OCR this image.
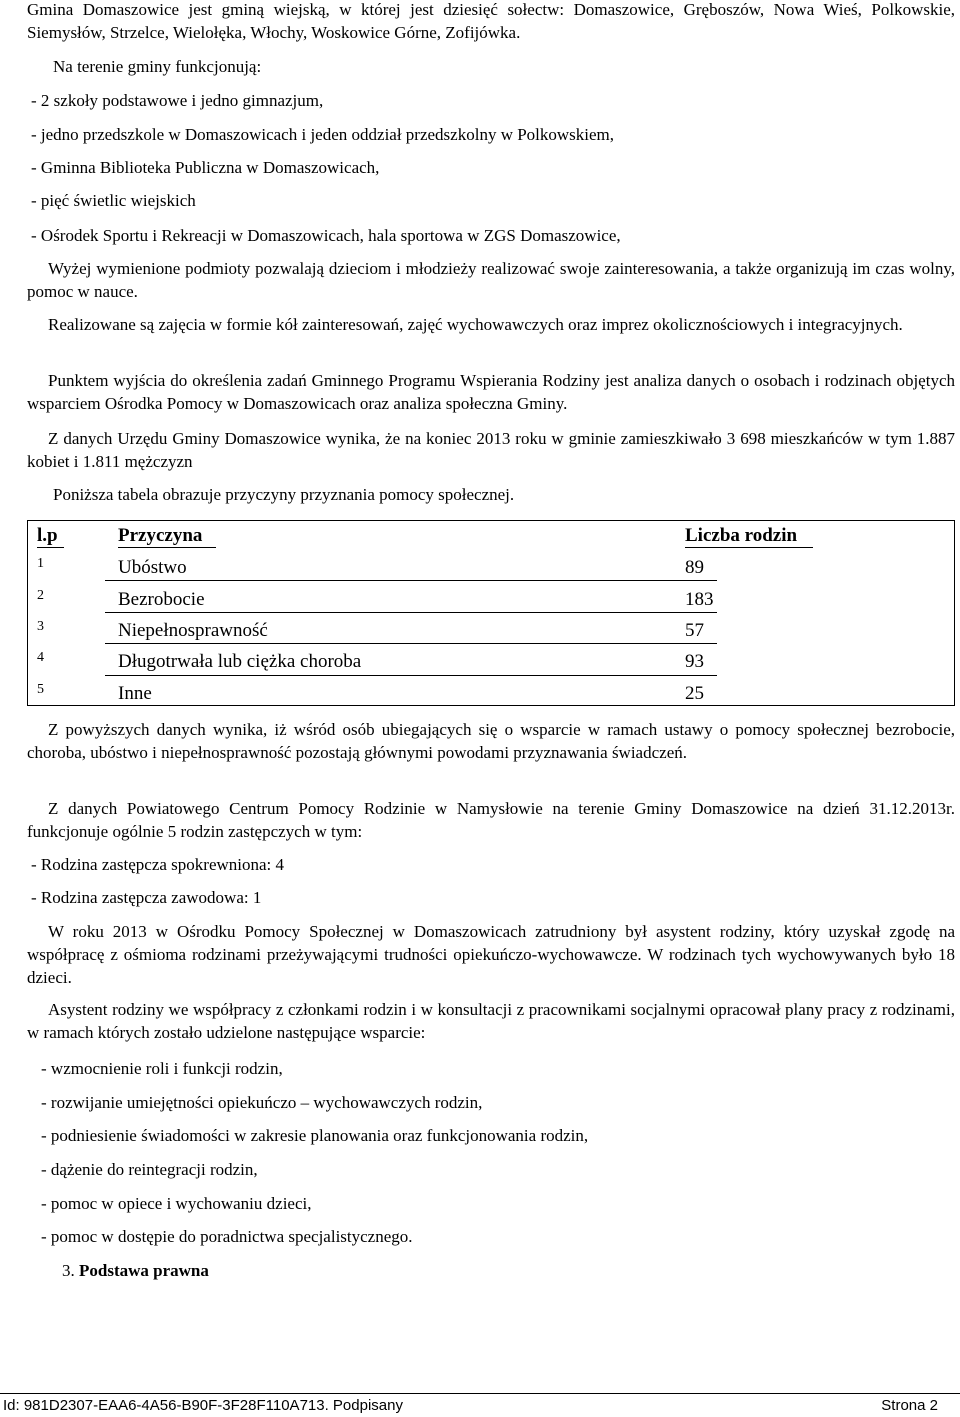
Gmina Domaszowice jest gminą wiejską, w której jest dziesięć sołectw: Domaszowice, Gręboszów, Nowa Wieś, Polkowskie, Siemysłów, Strzelce, Wielołęka, Włochy, Woskowice Górne, Zofijówka.
Na terenie gminy funkcjonują:
- 2 szkoły podstawowe i jedno gimnazjum,
- jedno przedszkole w Domaszowicach i jeden oddział przedszkolny w Polkowskiem,
- Gminna Biblioteka Publiczna w Domaszowicach,
- pięć świetlic wiejskich
- Ośrodek Sportu i Rekreacji w Domaszowicach, hala sportowa w ZGS Domaszowice,
Wyżej wymienione podmioty pozwalają dzieciom i młodzieży realizować swoje zainteresowania, a także organizują im czas wolny, pomoc w nauce.
Realizowane są zajęcia w formie kół zainteresowań, zajęć wychowawczych oraz imprez okolicznościowych i integracyjnych.
Punktem wyjścia do określenia zadań Gminnego Programu Wspierania Rodziny jest analiza danych o osobach i rodzinach objętych wsparciem Ośrodka Pomocy w Domaszowicach oraz analiza społeczna Gminy.
Z danych Urzędu Gminy Domaszowice wynika, że na koniec 2013 roku w gminie zamieszkiwało 3 698 mieszkańców w tym 1.887 kobiet i 1.811 mężczyzn
Poniższa tabela obrazuje przyczyny przyznania pomocy społecznej.
l.p	Przyczyna	Liczba rodzin
1	Ubóstwo	89
2	Bezrobocie	183
3	Niepełnosprawność	57
4	Długotrwała lub ciężka choroba	93
5	Inne	25
Z powyższych danych wynika, iż wśród osób ubiegających się o wsparcie w ramach ustawy o pomocy społecznej bezrobocie, choroba, ubóstwo i niepełnosprawność pozostają głównymi powodami przyznawania świadczeń.
Z danych Powiatowego Centrum Pomocy Rodzinie w Namysłowie na terenie Gminy Domaszowice na dzień 31.12.2013r. funkcjonuje ogólnie 5 rodzin zastępczych w tym:
- Rodzina zastępcza spokrewniona: 4
- Rodzina zastępcza zawodowa: 1
W roku 2013 w Ośrodku Pomocy Społecznej w Domaszowicach zatrudniony był asystent rodziny, który uzyskał zgodę na współpracę z ośmioma rodzinami przeżywającymi trudności opiekuńczo-wychowawcze. W rodzinach tych wychowywanych było 18 dzieci.
Asystent rodziny we współpracy z członkami rodzin i w konsultacji z pracownikami socjalnymi opracował plany pracy z rodzinami, w ramach których zostało udzielone następujące wsparcie:
- wzmocnienie roli i funkcji rodzin,
- rozwijanie umiejętności opiekuńczo – wychowawczych rodzin,
- podniesienie świadomości w zakresie planowania oraz funkcjonowania rodzin,
- dążenie do reintegracji rodzin,
- pomoc w opiece i wychowaniu dzieci,
- pomoc w dostępie do poradnictwa specjalistycznego.
3. Podstawa prawna
Id: 981D2307-EAA6-4A56-B90F-3F28F110A713. Podpisany	Strona 2
